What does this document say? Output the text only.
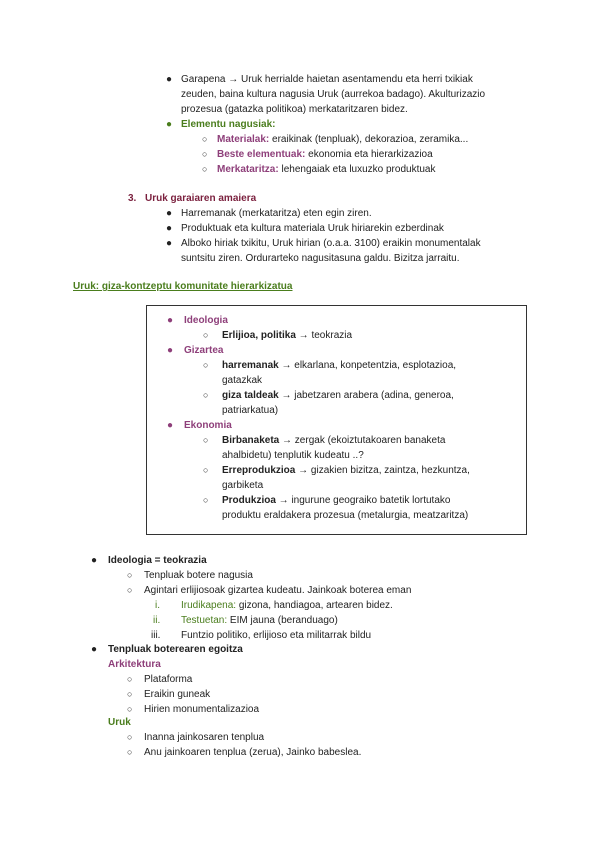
● Garapena → Uruk herrialde haietan asentamendu eta herri txikiak
zeuden, baina kultura nagusia Uruk (aurrekoa badago). Akulturizazio
prozesua (gatazka politikoa) merkataritzaren bidez.
● Elementu nagusiak:
○ Materialak: eraikinak (tenpluak), dekorazioa, zeramika...
○ Beste elementuak: ekonomia eta hierarkizazioa
○ Merkataritza: lehengaiak eta luxuzko produktuak
3. Uruk garaiaren amaiera
● Harremanak (merkataritza) eten egin ziren.
● Produktuak eta kultura materiala Uruk hiriarekin ezberdinak
● Alboko hiriak txikitu, Uruk hirian (o.a.a. 3100) eraikin monumentalak
suntsitu ziren. Ordurarteko nagusitasuna galdu. Bizitza jarraitu.
Uruk: giza-kontzeptu komunitate hierarkizatua
● Ideologia
○ Erlijioa, politika → teokrazia
● Gizartea
○ harremanak → elkarlana, konpetentzia, esplotazioa,
gatazkak
○ giza taldeak → jabetzaren arabera (adina, generoa,
patriarkatua)
● Ekonomia
○ Birbanaketa → zergak (ekoiztutakoaren banaketa
ahalbidetu) tenplutik kudeatu ..?
○ Erreprodukzioa → gizakien bizitza, zaintza, hezkuntza,
garbiketa
○ Produkzioa → ingurune geograiko batetik lortutako
produktu eraldakera prozesua (metalurgia, meatzaritza)
● Ideologia = teokrazia
○ Tenpluak botere nagusia
○ Agintari erlijiosoak gizartea kudeatu. Jainkoak boterea eman
i. Irudikapena: gizona, handiagoa, artearen bidez.
ii. Testuetan: EIM jauna (beranduago)
iii. Funtzio politiko, erlijioso eta militarrak bildu
● Tenpluak boterearen egoitza
Arkitektura
○ Plataforma
○ Eraikin guneak
○ Hirien monumentalizazioa
Uruk
○ Inanna jainkosaren tenplua
○ Anu jainkoaren tenplua (zerua), Jainko babeslea.
